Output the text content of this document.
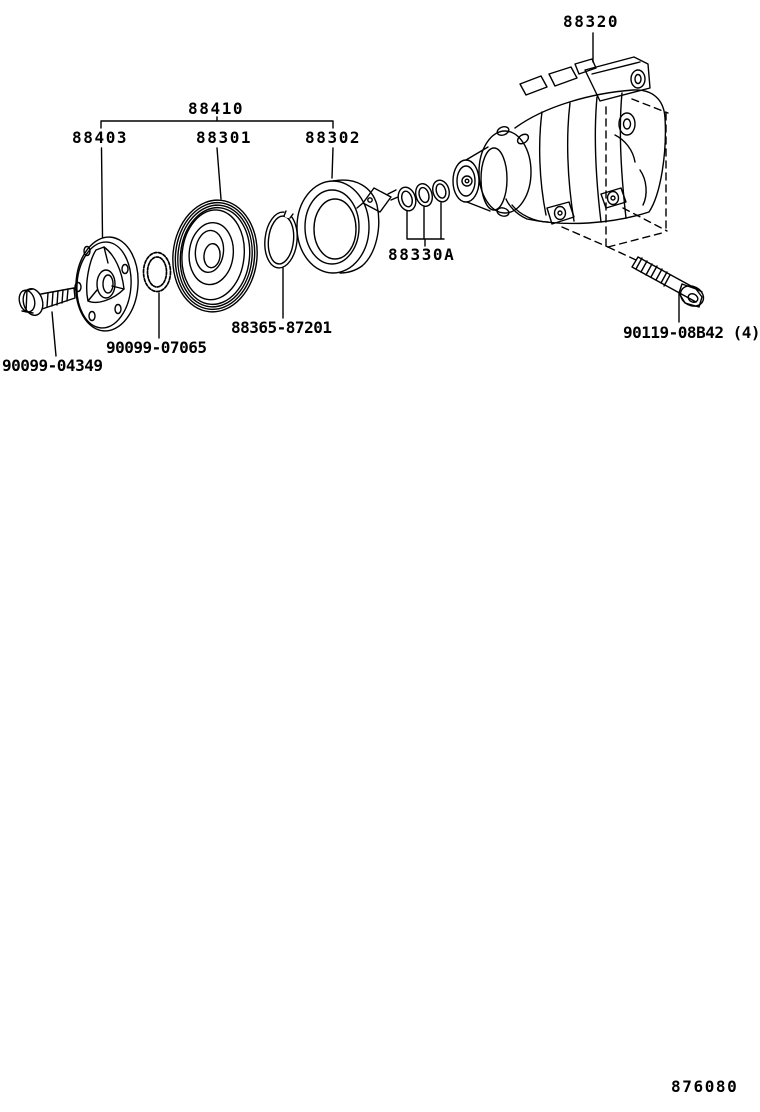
88320
88410
88403	88301	88302
88330A
88365-87201
90099-07065
90099-04349
90119-08B42 (4)
876080
